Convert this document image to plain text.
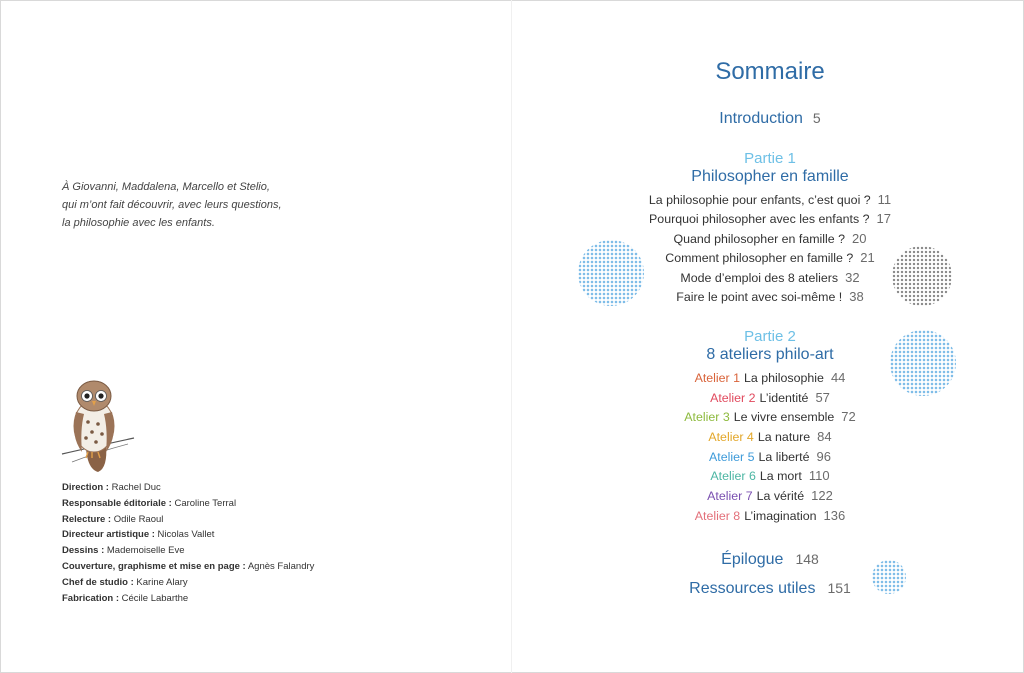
À Giovanni, Maddalena, Marcello et Stelio,
qui m’ont fait découvrir, avec leurs questions,
la philosophie avec les enfants.
Direction : Rachel Duc
Responsable éditoriale : Caroline Terral
Relecture : Odile Raoul
Directeur artistique : Nicolas Vallet
Dessins : Mademoiselle Eve
Couverture, graphisme et mise en page : Agnès Falandry
Chef de studio : Karine Alary
Fabrication : Cécile Labarthe
Sommaire
Introduction 5
Partie 1
Philosopher en famille
La philosophie pour enfants, c’est quoi ? 11
Pourquoi philosopher avec les enfants ? 17
Quand philosopher en famille ? 20
Comment philosopher en famille ? 21
Mode d’emploi des 8 ateliers 32
Faire le point avec soi-même ! 38
Partie 2
8 ateliers philo-art
Atelier 1 La philosophie 44
Atelier 2 L’identité 57
Atelier 3 Le vivre ensemble 72
Atelier 4 La nature 84
Atelier 5 La liberté 96
Atelier 6 La mort 110
Atelier 7 La vérité 122
Atelier 8 L’imagination 136
Épilogue 148
Ressources utiles 151
